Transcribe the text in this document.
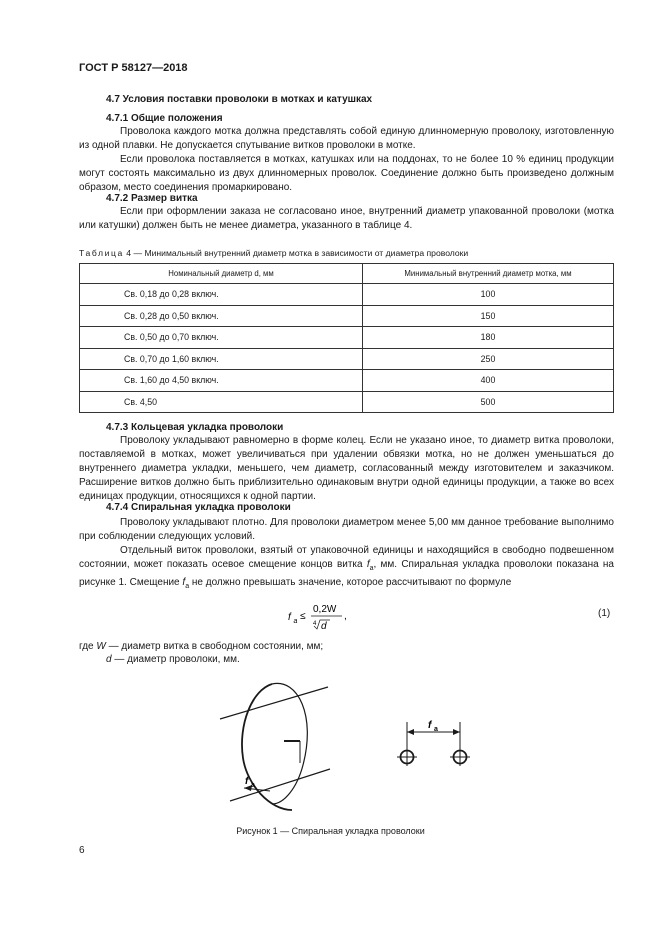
ГОСТ Р 58127—2018
4.7 Условия поставки проволоки в мотках и катушках
4.7.1 Общие положения
Проволока каждого мотка должна представлять собой единую длинномерную проволоку, изготовленную из одной плавки. Не допускается спутывание витков проволоки в мотке.
Если проволока поставляется в мотках, катушках или на поддонах, то не более 10 % единиц продукции могут состоять максимально из двух длинномерных проволок. Соединение должно быть произведено должным образом, место соединения промаркировано.
4.7.2 Размер витка
Если при оформлении заказа не согласовано иное, внутренний диаметр упакованной проволоки (мотка или катушки) должен быть не менее диаметра, указанного в таблице 4.
Таблица 4 — Минимальный внутренний диаметр мотка в зависимости от диаметра проволоки
Номинальный диаметр d, мм	Минимальный внутренний диаметр мотка, мм
Св. 0,18 до 0,28 включ.	100
Св. 0,28 до 0,50 включ.	150
Св. 0,50 до 0,70 включ.	180
Св. 0,70 до 1,60 включ.	250
Св. 1,60 до 4,50 включ.	400
Св. 4,50	500
4.7.3 Кольцевая укладка проволоки
Проволоку укладывают равномерно в форме колец. Если не указано иное, то диаметр витка проволоки, поставляемой в мотках, может увеличиваться при удалении обвязки мотка, но не должен уменьшаться до внутреннего диаметра укладки, меньшего, чем диаметр, согласованный между изготовителем и заказчиком. Расширение витков должно быть приблизительно одинаковым внутри одной единицы продукции, а также во всех единицах продукции, относящихся к одной партии.
4.7.4 Спиральная укладка проволоки
Проволоку укладывают плотно. Для проволоки диаметром менее 5,00 мм данное требование выполнимо при соблюдении следующих условий.
Отдельный виток проволоки, взятый от упаковочной единицы и находящийся в свободно подвешенном состоянии, может показать осевое смещение концов витка $f_a$, мм. Спиральная укладка проволоки показана на рисунке 1. Смещение $f_a$ не должно превышать значение, которое рассчитывают по формуле
f a ≤
0,2W
4 d
,	(1)
где W — диаметр витка в свободном состоянии, мм;
d — диаметр проволоки, мм.
f a
f a
Рисунок 1 — Спиральная укладка проволоки
6
